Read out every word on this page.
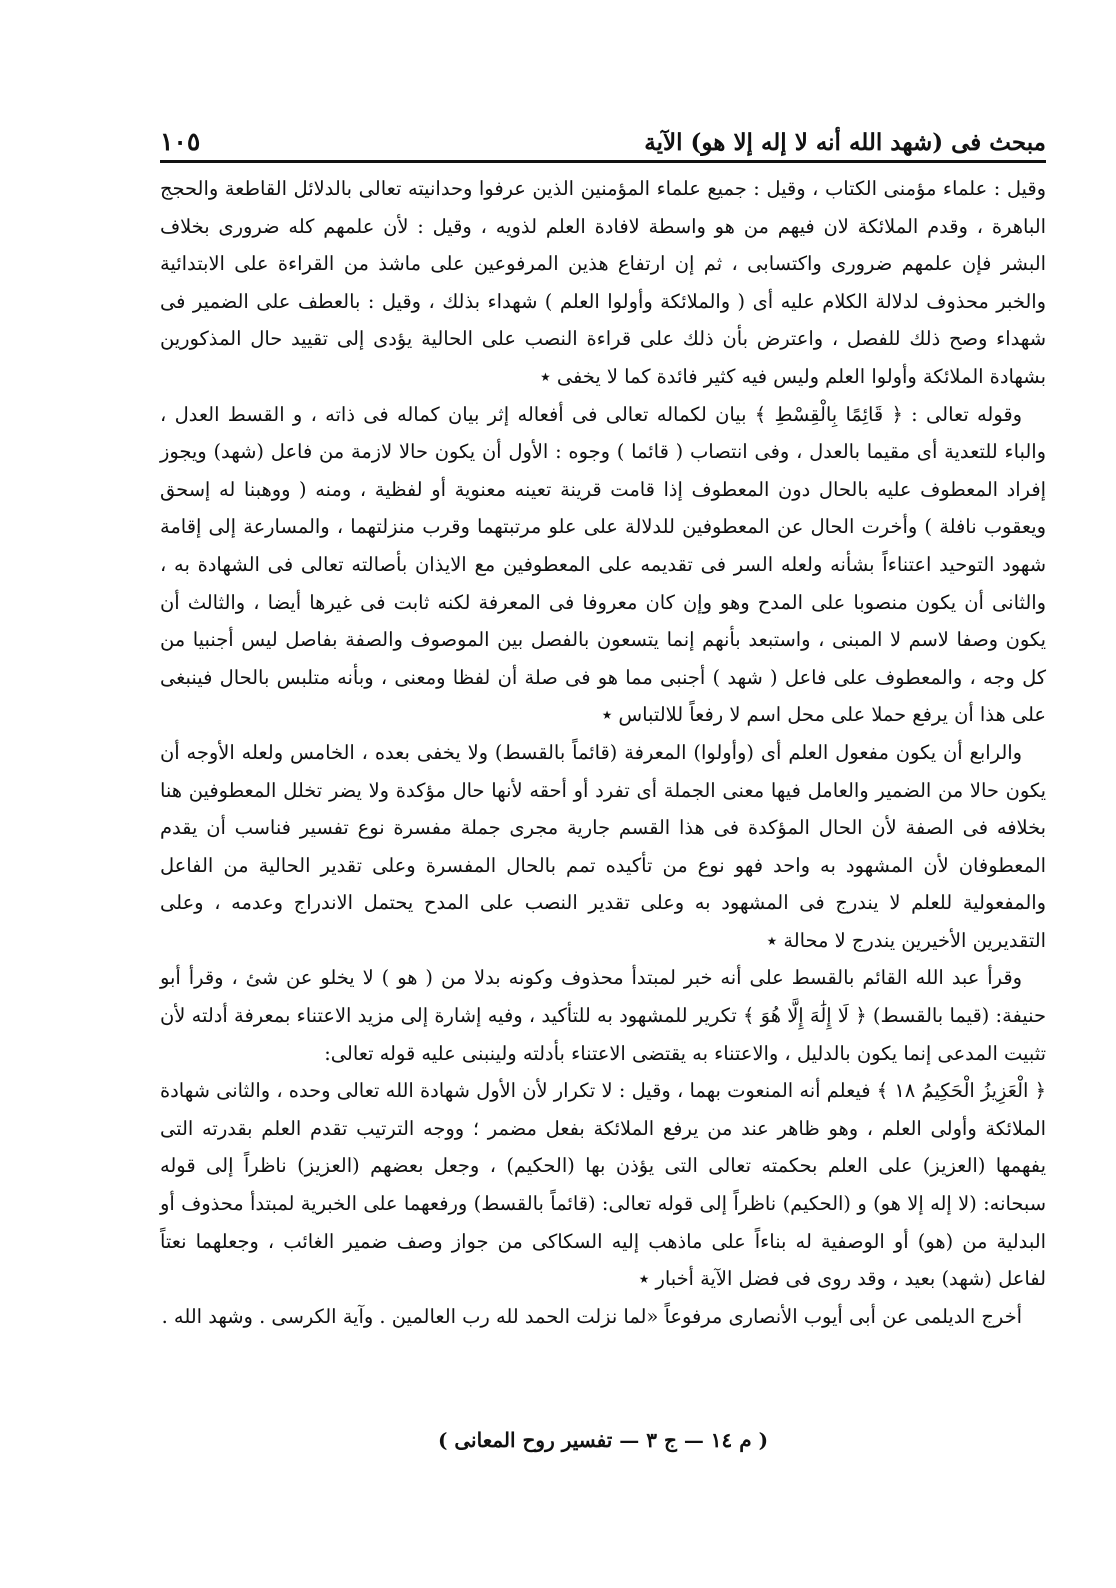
مبحث فى (شهد الله أنه لا إله إلا هو) الآية
١٠٥

وقيل : علماء مؤمنى الكتاب ، وقيل : جميع علماء المؤمنين الذين عرفوا وحدانيته تعالى بالدلائل القاطعة والحجج الباهرة ، وقدم الملائكة لان فيهم من هو واسطة لافادة العلم لذويه ، وقيل : لأن علمهم كله ضرورى بخلاف البشر فإن علمهم ضرورى واكتسابى ، ثم إن ارتفاع هذين المرفوعين على ماشذ من القراءة على الابتدائية والخبر محذوف لدلالة الكلام عليه أى ( والملائكة وأولوا العلم ) شهداء بذلك ، وقيل : بالعطف على الضمير فى شهداء وصح ذلك للفصل ، واعترض بأن ذلك على قراءة النصب على الحالية يؤدى إلى تقييد حال المذكورين بشهادة الملائكة وأولوا العلم وليس فيه كثير فائدة كما لا يخفى ٭

وقوله تعالى : ﴿ قَائِمًا بِالْقِسْطِ ﴾ بيان لكماله تعالى فى أفعاله إثر بيان كماله فى ذاته ، و القسط العدل ، والباء للتعدية أى مقيما بالعدل ، وفى انتصاب ( قائما ) وجوه : الأول أن يكون حالا لازمة من فاعل (شهد) ويجوز إفراد المعطوف عليه بالحال دون المعطوف إذا قامت قرينة تعينه معنوية أو لفظية ، ومنه ( ووهبنا له إسحق ويعقوب نافلة ) وأخرت الحال عن المعطوفين للدلالة على علو مرتبتهما وقرب منزلتهما ، والمسارعة إلى إقامة شهود التوحيد اعتناءاً بشأنه ولعله السر فى تقديمه على المعطوفين مع الايذان بأصالته تعالى فى الشهادة به ، والثانى أن يكون منصوبا على المدح وهو وإن كان معروفا فى المعرفة لكنه ثابت فى غيرها أيضا ، والثالث أن يكون وصفا لاسم لا المبنى ، واستبعد بأنهم إنما يتسعون بالفصل بين الموصوف والصفة بفاصل ليس أجنبيا من كل وجه ، والمعطوف على فاعل ( شهد ) أجنبى مما هو فى صلة أن لفظا ومعنى ، وبأنه متلبس بالحال فينبغى على هذا أن يرفع حملا على محل اسم لا رفعاً للالتباس ٭

والرابع أن يكون مفعول العلم أى (وأولوا) المعرفة (قائماً بالقسط) ولا يخفى بعده ، الخامس ولعله الأوجه أن يكون حالا من الضمير والعامل فيها معنى الجملة أى تفرد أو أحقه لأنها حال مؤكدة ولا يضر تخلل المعطوفين هنا بخلافه فى الصفة لأن الحال المؤكدة فى هذا القسم جارية مجرى جملة مفسرة نوع تفسير فناسب أن يقدم المعطوفان لأن المشهود به واحد فهو نوع من تأكيده تمم بالحال المفسرة وعلى تقدير الحالية من الفاعل والمفعولية للعلم لا يندرج فى المشهود به وعلى تقدير النصب على المدح يحتمل الاندراج وعدمه ، وعلى التقديرين الأخيرين يندرج لا محالة ٭

وقرأ عبد الله القائم بالقسط على أنه خبر لمبتدأ محذوف وكونه بدلا من ( هو ) لا يخلو عن شئ ، وقرأ أبو حنيفة: (قيما بالقسط) ﴿ لَا إِلَٰهَ إِلَّا هُوَ ﴾ تكرير للمشهود به للتأكيد ، وفيه إشارة إلى مزيد الاعتناء بمعرفة أدلته لأن تثبيت المدعى إنما يكون بالدليل ، والاعتناء به يقتضى الاعتناء بأدلته ولينبنى عليه قوله تعالى:

﴿ الْعَزِيزُ الْحَكِيمُ ١٨ ﴾ فيعلم أنه المنعوت بهما ، وقيل : لا تكرار لأن الأول شهادة الله تعالى وحده ، والثانى شهادة الملائكة وأولى العلم ، وهو ظاهر عند من يرفع الملائكة بفعل مضمر ؛ ووجه الترتيب تقدم العلم بقدرته التى يفهمها (العزيز) على العلم بحكمته تعالى التى يؤذن بها (الحكيم) ، وجعل بعضهم (العزيز) ناظراً إلى قوله سبحانه: (لا إله إلا هو) و (الحكيم) ناظراً إلى قوله تعالى: (قائماً بالقسط) ورفعهما على الخبرية لمبتدأ محذوف أو البدلية من (هو) أو الوصفية له بناءاً على ماذهب إليه السكاكى من جواز وصف ضمير الغائب ، وجعلهما نعتاً لفاعل (شهد) بعيد ، وقد روى فى فضل الآية أخبار ٭

أخرج الديلمى عن أبى أيوب الأنصارى مرفوعاً «لما نزلت الحمد لله رب العالمين . وآية الكرسى . وشهد الله .

( م ١٤ — ج ٣ — تفسير روح المعانى )
